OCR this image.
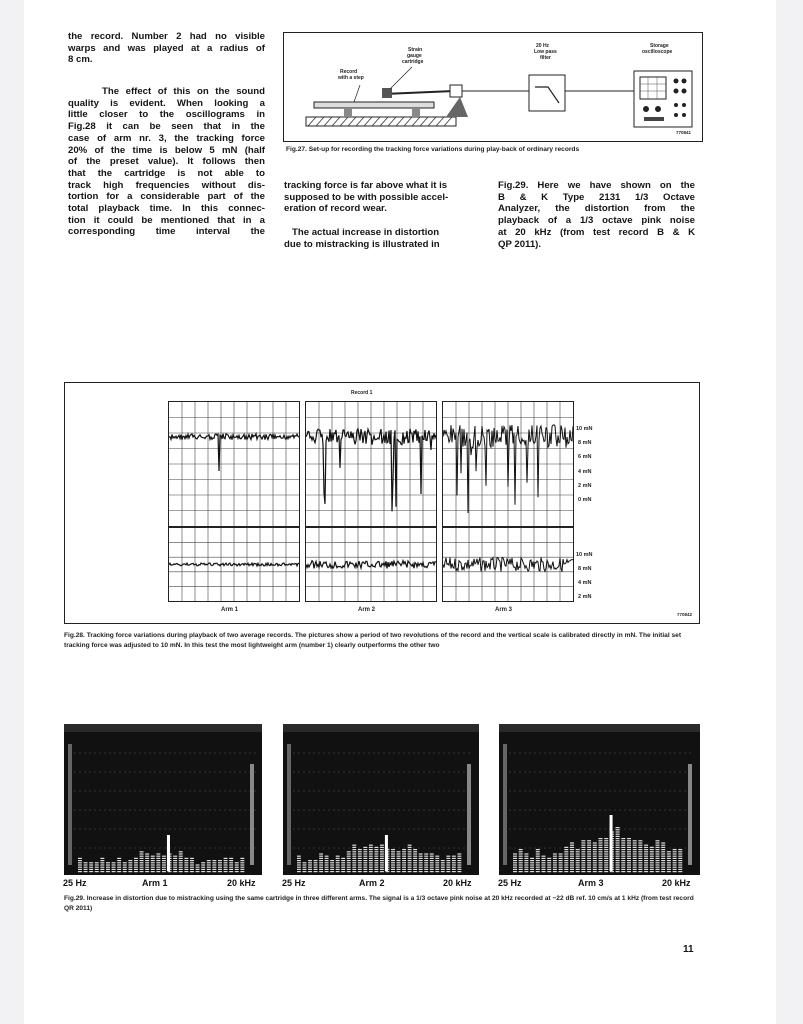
the record. Number 2 had no visible
warps and was played at a radius of
8 cm.
The effect of this on the sound
quality is evident. When looking a
little closer to the oscillograms in
Fig.28 it can be seen that in the
case of arm nr. 3, the tracking force
20% of the time is below 5 mN (half
of the preset value). It follows then
that the cartridge is not able to
track high frequencies without dis-
tortion for a considerable part of the
total playback time. In this connec-
tion it could be mentioned that in a
corresponding time interval the
tracking force is far above what it is
supposed to be with possible accel-
eration of record wear.
The actual increase in distortion
due to mistracking is illustrated in
Fig.29. Here we have shown on the
B & K Type 2131 1/3 Octave
Analyzer, the distortion from the
playback of a 1/3 octave pink noise
at 20 kHz (from test record B & K
QP 2011).
Record
with a step
Strain
gauge
cartridge
20 Hz
Low pass
filter
Storage
oscilloscope
770841
Fig.27. Set-up for recording the tracking force variations during play-back of ordinary records
Record 1
10 mN
8 mN
6 mN
4 mN
2 mN
0 mN
10 mN
8 mN
4 mN
2 mN
Arm 1	Arm 2	Arm 3
770842
Fig.28. Tracking force variations during playback of two average records. The pictures show a period of two revolutions of the record and the vertical scale is calibrated directly in mN. The initial set tracking force was adjusted to 10 mN. In this test the most lightweight arm (number 1) clearly outperforms the other two
25 Hz	Arm 1	20 kHz	25 Hz	Arm 2	20 kHz	25 Hz	Arm 3	20 kHz
Fig.29. Increase in distortion due to mistracking using the same cartridge in three different arms. The signal is a 1/3 octave pink noise at 20 kHz recorded at −22 dB ref. 10 cm/s at 1 kHz (from test record QR 2011)
11
